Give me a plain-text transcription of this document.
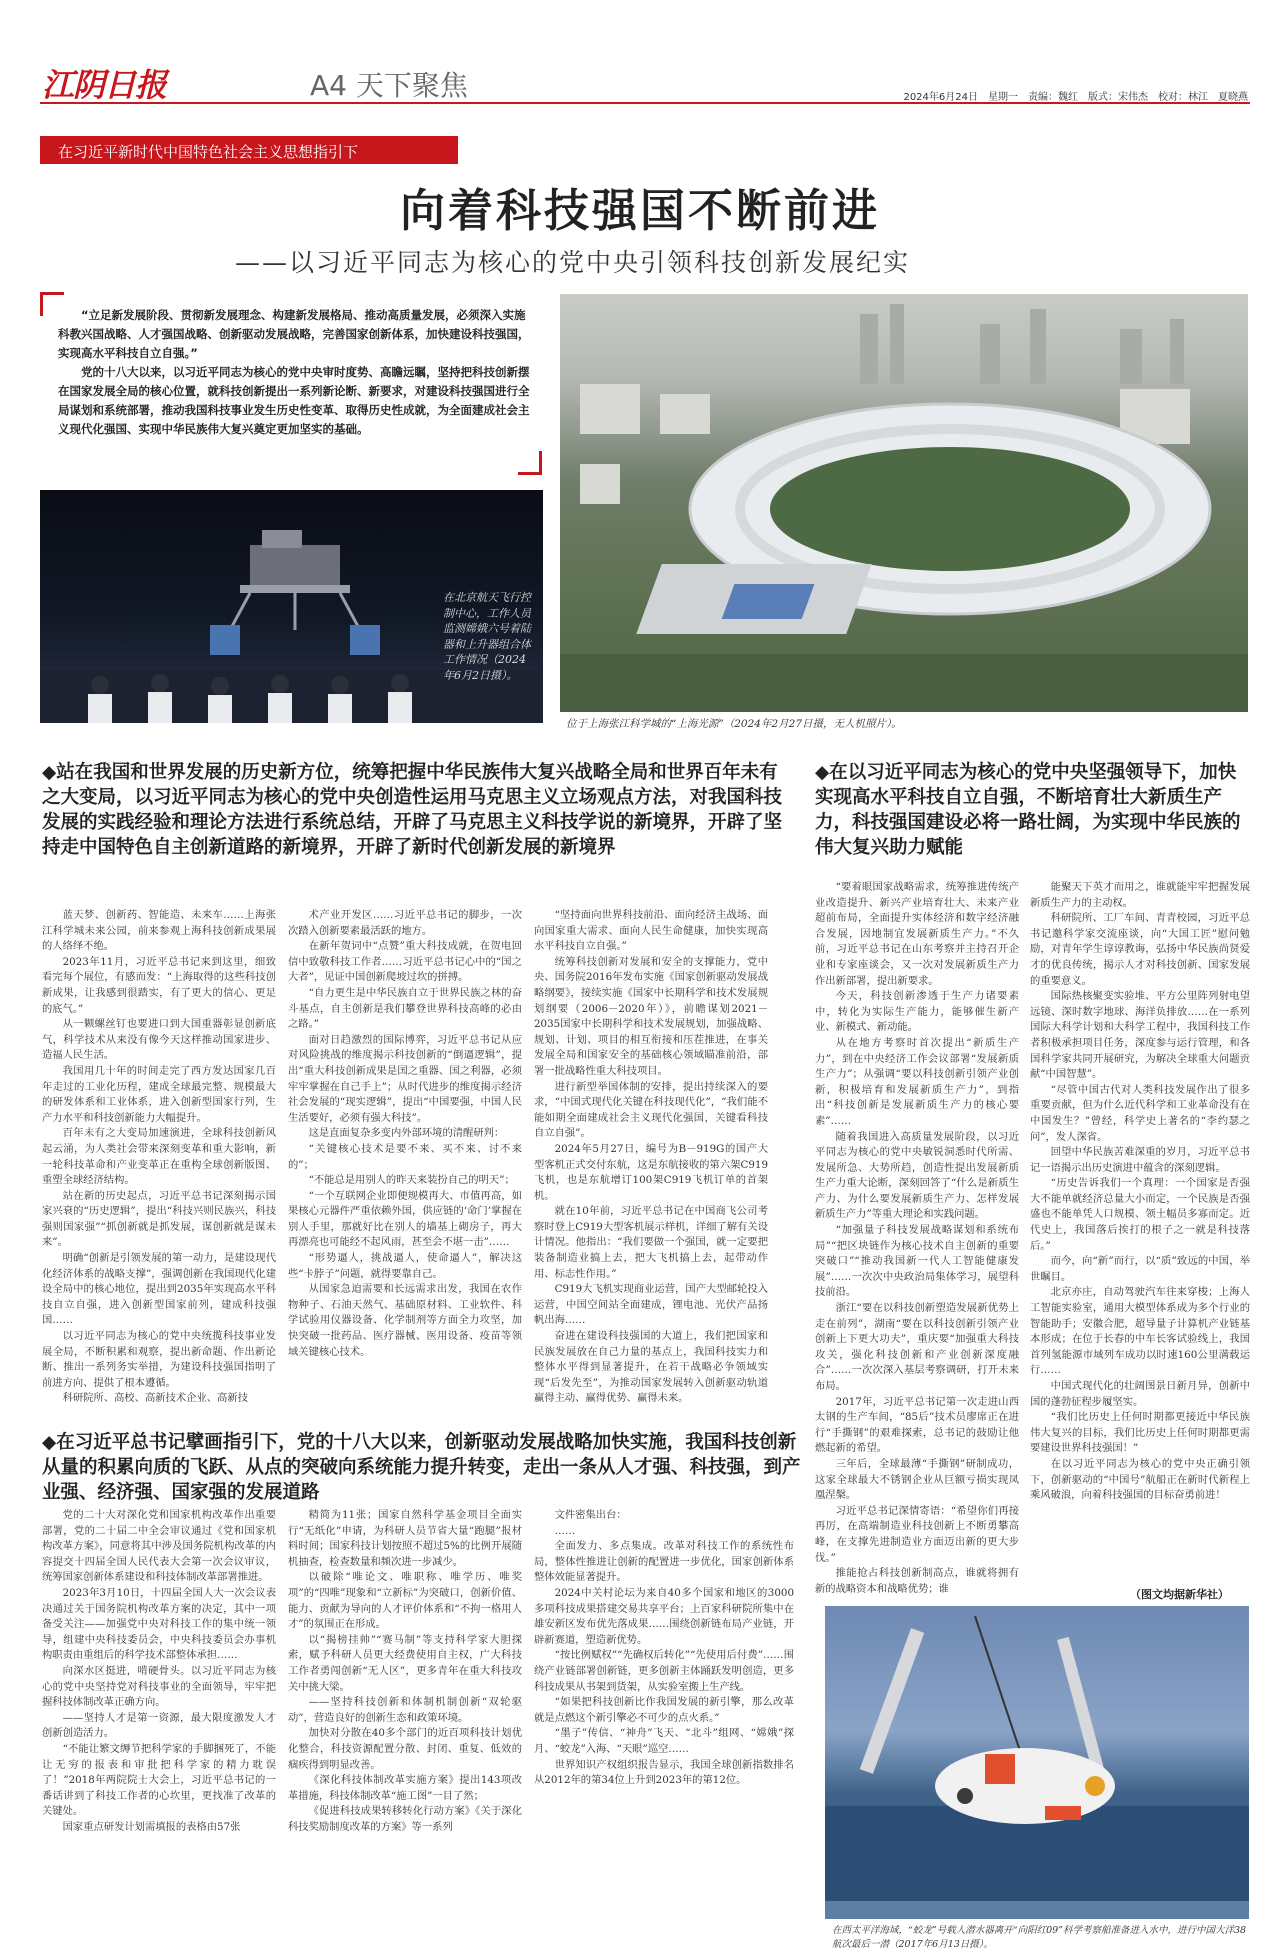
江阴日报	A4 天下聚焦	2024年6月24日　星期一　责编：魏红　版式：宋伟杰　校对：林江　夏晓燕
在习近平新时代中国特色社会主义思想指引下
向着科技强国不断前进
——以习近平同志为核心的党中央引领科技创新发展纪实

“立足新发展阶段、贯彻新发展理念、构建新发展格局、推动高质量发展，必须深入实施科教兴国战略、人才强国战略、创新驱动发展战略，完善国家创新体系，加快建设科技强国，实现高水平科技自立自强。”

党的十八大以来，以习近平同志为核心的党中央审时度势、高瞻远瞩，坚持把科技创新摆在国家发展全局的核心位置，就科技创新提出一系列新论断、新要求，对建设科技强国进行全局谋划和系统部署，推动我国科技事业发生历史性变革、取得历史性成就，为全面建成社会主义现代化强国、实现中华民族伟大复兴奠定更加坚实的基础。

在北京航天飞行控制中心，工作人员监测嫦娥六号着陆器和上升器组合体工作情况（2024年6月2日摄）。
位于上海张江科学城的“上海光源”（2024年2月27日摄，无人机照片）。
◆站在我国和世界发展的历史新方位，统筹把握中华民族伟大复兴战略全局和世界百年未有之大变局，以习近平同志为核心的党中央创造性运用马克思主义立场观点方法，对我国科技发展的实践经验和理论方法进行系统总结，开辟了马克思主义科技学说的新境界，开辟了坚持走中国特色自主创新道路的新境界，开辟了新时代创新发展的新境界
◆在以习近平同志为核心的党中央坚强领导下，加快实现高水平科技自立自强，不断培育壮大新质生产力，科技强国建设必将一路壮阔，为实现中华民族的伟大复兴助力赋能

蓝天梦、创新药、智能造、未来车……上海张江科学城未来公园，前来参观上海科技创新成果展的人络绎不绝。

2023年11月，习近平总书记来到这里，细致看完每个展位，有感而发：“上海取得的这些科技创新成果，让我感到很踏实，有了更大的信心、更足的底气。”

从一颗螺丝钉也要进口到大国重器彰显创新底气，科学技术从来没有像今天这样推动国家进步、造福人民生活。

我国用几十年的时间走完了西方发达国家几百年走过的工业化历程，建成全球最完整、规模最大的研发体系和工业体系，进入创新型国家行列，生产力水平和科技创新能力大幅提升。

百年未有之大变局加速演进，全球科技创新风起云涌，为人类社会带来深刻变革和重大影响，新一轮科技革命和产业变革正在重构全球创新版图、重塑全球经济结构。

站在新的历史起点，习近平总书记深刻揭示国家兴衰的“历史逻辑”，提出“科技兴则民族兴，科技强则国家强”“抓创新就是抓发展，谋创新就是谋未来”。

明确“创新是引领发展的第一动力，是建设现代化经济体系的战略支撑”，强调创新在我国现代化建设全局中的核心地位，提出到2035年实现高水平科技自立自强，进入创新型国家前列，建成科技强国……

以习近平同志为核心的党中央统揽科技事业发展全局，不断积累和观察，提出新命题、作出新论断、推出一系列务实举措，为建设科技强国指明了前进方向、提供了根本遵循。

科研院所、高校、高新技术企业、高新技

术产业开发区……习近平总书记的脚步，一次次踏入创新要素最活跃的地方。

在新年贺词中“点赞”重大科技成就，在贺电回信中致敬科技工作者……习近平总书记心中的“国之大者”，见证中国创新爬坡过坎的拼搏。

“自力更生是中华民族自立于世界民族之林的奋斗基点，自主创新是我们攀登世界科技高峰的必由之路。”

面对日趋激烈的国际博弈，习近平总书记从应对风险挑战的维度揭示科技创新的“倒逼逻辑”，提出“重大科技创新成果是国之重器、国之利器，必须牢牢掌握在自己手上”；从时代进步的维度揭示经济社会发展的“现实逻辑”，提出“中国要强，中国人民生活要好，必须有强大科技”。

这是直面复杂多变内外部环境的清醒研判：

“关键核心技术是要不来、买不来、讨不来的”；

“不能总是用别人的昨天来装扮自己的明天”；

“一个互联网企业即便规模再大、市值再高，如果核心元器件严重依赖外国，供应链的‘命门’掌握在别人手里，那就好比在别人的墙基上砌房子，再大再漂亮也可能经不起风雨，甚至会不堪一击”……

“形势逼人，挑战逼人，使命逼人”，解决这些“卡脖子”问题，就得要靠自己。

从国家急迫需要和长远需求出发，我国在农作物种子、石油天然气、基础原材料、工业软件、科学试验用仪器设备、化学制剂等方面全力攻坚，加快突破一批药品、医疗器械、医用设备、疫苗等领域关键核心技术。

“坚持面向世界科技前沿、面向经济主战场、面向国家重大需求、面向人民生命健康，加快实现高水平科技自立自强。”

统筹科技创新对发展和安全的支撑能力，党中央、国务院2016年发布实施《国家创新驱动发展战略纲要》，接续实施《国家中长期科学和技术发展规划纲要（2006－2020年）》，前瞻谋划2021－2035国家中长期科学和技术发展规划，加强战略、规划、计划、项目的相互衔接和压茬推进，在事关发展全局和国家安全的基础核心领域瞄准前沿，部署一批战略性重大科技项目。

进行新型举国体制的安排，提出持续深入的要求，“中国式现代化关键在科技现代化”，“我们能不能如期全面建成社会主义现代化强国，关键看科技自立自强”。

2024年5月27日，编号为B－919G的国产大型客机正式交付东航，这是东航接收的第六架C919飞机，也是东航增订100架C919飞机订单的首架机。

就在10年前，习近平总书记在中国商飞公司考察时登上C919大型客机展示样机，详细了解有关设计情况。他指出：“我们要做一个强国，就一定要把装备制造业搞上去，把大飞机搞上去，起带动作用、标志性作用。”

C919大飞机实现商业运营，国产大型邮轮投入运营，中国空间站全面建成，锂电池、光伏产品扬帆出海……

奋进在建设科技强国的大道上，我们把国家和民族发展放在自己力量的基点上，我国科技实力和整体水平得到显著提升，在若干战略必争领域实现“后发先至”，为推动国家发展转入创新驱动轨道赢得主动、赢得优势、赢得未来。

“要着眼国家战略需求，统筹推进传统产业改造提升、新兴产业培育壮大、未来产业超前布局，全面提升实体经济和数字经济融合发展，因地制宜发展新质生产力。”不久前，习近平总书记在山东考察并主持召开企业和专家座谈会，又一次对发展新质生产力作出新部署，提出新要求。

今天，科技创新渗透于生产力诸要素中，转化为实际生产能力，能够催生新产业、新模式、新动能。

从在地方考察时首次提出“新质生产力”，到在中央经济工作会议部署“发展新质生产力”；从强调“要以科技创新引领产业创新，积极培育和发展新质生产力”，到指出“科技创新是发展新质生产力的核心要素”……

随着我国进入高质量发展阶段，以习近平同志为核心的党中央敏锐洞悉时代所需、发展所急、大势所趋，创造性提出发展新质生产力重大论断，深刻回答了“什么是新质生产力、为什么要发展新质生产力、怎样发展新质生产力”等重大理论和实践问题。

“加强量子科技发展战略谋划和系统布局”“把区块链作为核心技术自主创新的重要突破口”“推动我国新一代人工智能健康发展”……一次次中央政治局集体学习，展望科技前沿。

浙江“要在以科技创新塑造发展新优势上走在前列”，湖南“要在以科技创新引领产业创新上下更大功夫”，重庆要“加强重大科技攻关，强化科技创新和产业创新深度融合”……一次次深入基层考察调研，打开未来布局。

2017年，习近平总书记第一次走进山西太钢的生产车间，“85后”技术员廖席正在进行“手撕钢”的艰难探索，总书记的鼓励让他燃起新的希望。

三年后，全球最薄“手撕钢”研制成功，这家全球最大不锈钢企业从巨额亏损实现凤凰涅槃。

习近平总书记深情寄语：“希望你们再接再厉，在高端制造业科技创新上不断勇攀高峰，在支撑先进制造业方面迈出新的更大步伐。”

推能抢占科技创新制高点，谁就将拥有新的战略资本和战略优势；谁

能聚天下英才而用之，谁就能牢牢把握发展新质生产力的主动权。

科研院所、工厂车间、青青校园，习近平总书记邀科学家交流座谈，向“大国工匠”慰问勉励，对青年学生谆谆教诲，弘扬中华民族尚贤爱才的优良传统，揭示人才对科技创新、国家发展的重要意义。

国际热核聚变实验堆、平方公里阵列射电望远镜、深时数字地球、海洋负排放……在一系列国际大科学计划和大科学工程中，我国科技工作者积极承担项目任务，深度参与运行管理，和各国科学家共同开展研究，为解决全球重大问题贡献“中国智慧”。

“尽管中国古代对人类科技发展作出了很多重要贡献，但为什么近代科学和工业革命没有在中国发生？”曾经，科学史上著名的“李约瑟之问”，发人深省。

回望中华民族苦难深重的岁月，习近平总书记一语揭示出历史演进中蕴含的深刻逻辑。

“历史告诉我们一个真理：一个国家是否强大不能单就经济总量大小而定，一个民族是否强盛也不能单凭人口规模、领土幅员多寡而定。近代史上，我国落后挨打的根子之一就是科技落后。”

而今，向“新”而行，以“质”致远的中国，举世瞩目。

北京亦庄，自动驾驶汽车往来穿梭；上海人工智能实验室，通用大模型体系成为多个行业的智能助手；安徽合肥，超导量子计算机产业链基本形成；在位于长春的中车长客试验线上，我国首列氢能源市域列车成功以时速160公里满载运行……

中国式现代化的壮阔图景日新月异，创新中国的蓬勃征程步履坚实。

“我们比历史上任何时期都更接近中华民族伟大复兴的目标，我们比历史上任何时期都更需要建设世界科技强国！”

在以习近平同志为核心的党中央正确引领下，创新驱动的“中国号”航船正在新时代新程上乘风破浪，向着科技强国的目标奋勇前进！

（图文均据新华社）
◆在习近平总书记擘画指引下，党的十八大以来，创新驱动发展战略加快实施，我国科技创新从量的积累向质的飞跃、从点的突破向系统能力提升转变，走出一条从人才强、科技强，到产业强、经济强、国家强的发展道路

党的二十大对深化党和国家机构改革作出重要部署，党的二十届二中全会审议通过《党和国家机构改革方案》，同意将其中涉及国务院机构改革的内容提交十四届全国人民代表大会第一次会议审议，统筹国家创新体系建设和科技体制改革部署推进。

2023年3月10日，十四届全国人大一次会议表决通过关于国务院机构改革方案的决定，其中一项备受关注——加强党中央对科技工作的集中统一领导，组建中央科技委员会，中央科技委员会办事机构职责由重组后的科学技术部整体承担……

向深水区挺进，啃硬骨头。以习近平同志为核心的党中央坚持党对科技事业的全面领导，牢牢把握科技体制改革正确方向。

——坚持人才是第一资源，最大限度激发人才创新创造活力。

“不能让繁文缛节把科学家的手脚捆死了，不能让无穷的报表和审批把科学家的精力耽误了！”2018年两院院士大会上，习近平总书记的一番话讲到了科技工作者的心坎里，更找准了改革的关键处。

国家重点研发计划需填报的表格由57张

精简为11张；国家自然科学基金项目全面实行“无纸化”申请，为科研人员节省大量“跑腿”报材料时间；国家科技计划按照不超过5%的比例开展随机抽查，检查数量和频次进一步减少。

以破除“唯论文、唯职称、唯学历、唯奖项”的“四唯”现象和“立新标”为突破口，创新价值、能力、贡献为导向的人才评价体系和“不拘一格用人才”的氛围正在形成。

以“揭榜挂帅”“赛马制”等支持科学家大胆探索，赋予科研人员更大经费使用自主权，广大科技工作者勇闯创新“无人区”，更多青年在重大科技攻关中挑大梁。

——坚持科技创新和体制机制创新“双轮驱动”，营造良好的创新生态和政策环境。

加快对分散在40多个部门的近百项科技计划优化整合，科技资源配置分散、封闭、重复、低效的痼疾得到明显改善。

《深化科技体制改革实施方案》提出143项改革措施，科技体制改革“施工图”一目了然；

《促进科技成果转移转化行动方案》《关于深化科技奖励制度改革的方案》等一系列

文件密集出台：

……

全面发力、多点集成。改革对科技工作的系统性布局，整体性推进让创新的配置进一步优化，国家创新体系整体效能显著提升。

2024中关村论坛为来自40多个国家和地区的3000多项科技成果搭建交易共享平台；上百家科研院所集中在雄安新区发布优先落成果……围绕创新链布局产业链，开辟新赛道，塑造新优势。

“按比例赋权”“先确权后转化”“先使用后付费”……围绕产业链部署创新链，更多创新主体踊跃发明创造，更多科技成果从书架到货架，从实验室搬上生产线。

“如果把科技创新比作我国发展的新引擎，那么改革就是点燃这个新引擎必不可少的点火系。”

“墨子”传信、“神舟”飞天、“北斗”组网、“嫦娥”探月、“蛟龙”入海、“天眼”巡空……

世界知识产权组织报告显示，我国全球创新指数排名从2012年的第34位上升到2023年的第12位。

在西太平洋海域，“蛟龙”号载人潜水器离开“向阳红09”科学考察船准备进入水中，进行中国大洋38航次最后一潜（2017年6月13日摄）。
